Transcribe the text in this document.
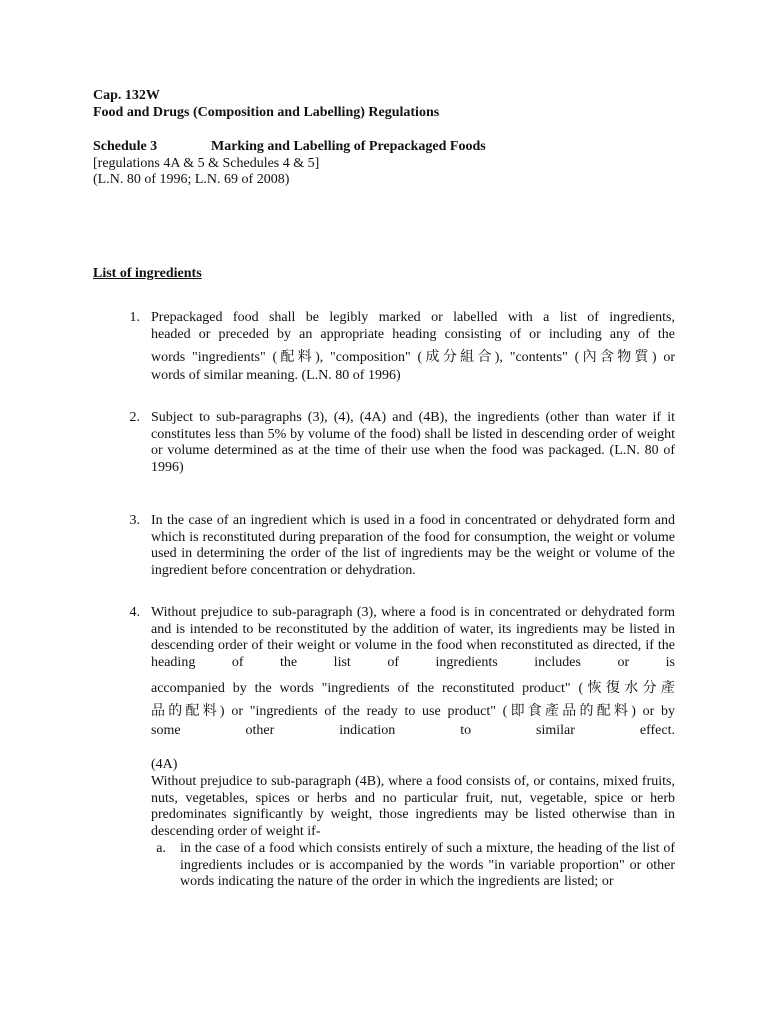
Cap. 132W
Food and Drugs (Composition and Labelling) Regulations
Schedule 3	Marking and Labelling of Prepackaged Foods
[regulations 4A & 5 & Schedules 4 & 5]
(L.N. 80 of 1996; L.N. 69 of 2008)
List of ingredients
1. Prepackaged food shall be legibly marked or labelled with a list of ingredients,
headed or preceded by an appropriate heading consisting of or including any of the
words "ingredients" (配料), "composition" (成分組合), "contents" (內含物質) or
words of similar meaning. (L.N. 80 of 1996)
2. Subject to sub-paragraphs (3), (4), (4A) and (4B), the ingredients (other than water if it constitutes less than 5% by volume of the food) shall be listed in descending order of weight or volume determined as at the time of their use when the food was packaged. (L.N. 80 of 1996)
3. In the case of an ingredient which is used in a food in concentrated or dehydrated form and which is reconstituted during preparation of the food for consumption, the weight or volume used in determining the order of the list of ingredients may be the weight or volume of the ingredient before concentration or dehydration.
4. Without prejudice to sub-paragraph (3), where a food is in concentrated or dehydrated form and is intended to be reconstituted by the addition of water, its ingredients may be listed in descending order of their weight or volume in the food when reconstituted as directed, if the heading of the list of ingredients includes or is
accompanied by the words "ingredients of the reconstituted product" (恢復水分產
品的配料) or "ingredients of the ready to use product" (即食產品的配料) or by
some	other	indication	to	similar	effect.
(4A)
Without prejudice to sub-paragraph (4B), where a food consists of, or contains, mixed fruits, nuts, vegetables, spices or herbs and no particular fruit, nut, vegetable, spice or herb predominates significantly by weight, those ingredients may be listed otherwise than in descending order of weight if-
a. in the case of a food which consists entirely of such a mixture, the heading of the list of ingredients includes or is accompanied by the words "in variable proportion" or other words indicating the nature of the order in which the ingredients are listed; or
